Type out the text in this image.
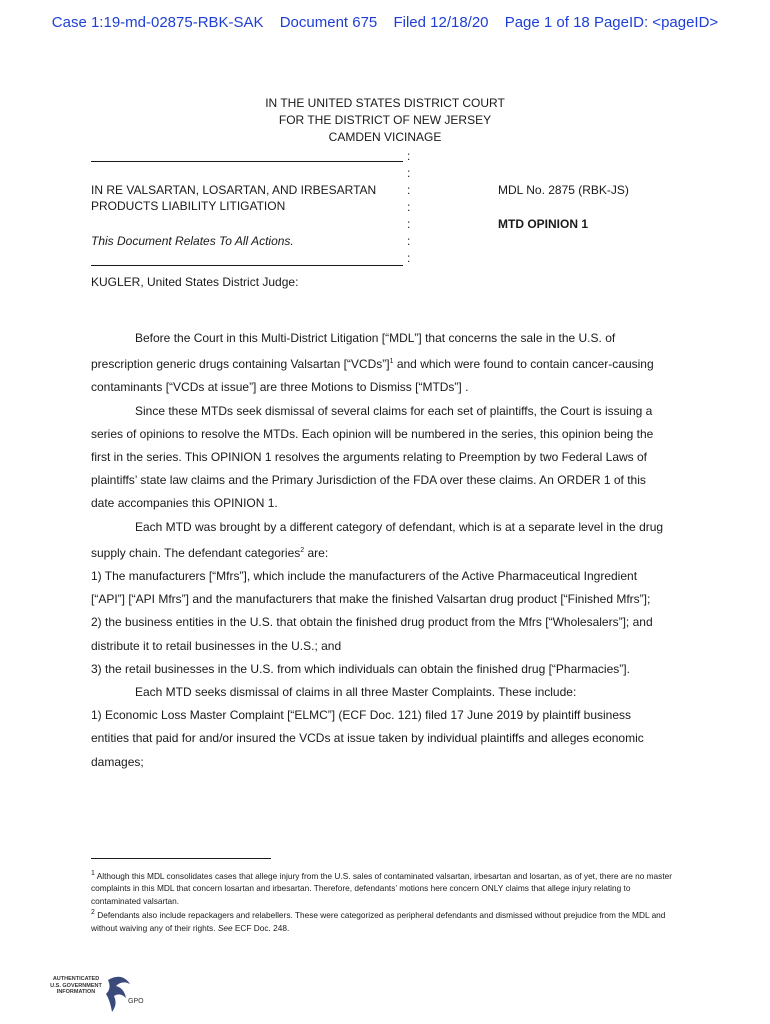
Case 1:19-md-02875-RBK-SAK Document 675 Filed 12/18/20 Page 1 of 18 PageID: <pageID>
IN THE UNITED STATES DISTRICT COURT
FOR THE DISTRICT OF NEW JERSEY
CAMDEN VICINAGE
:
:
:
:
:
:
:
IN RE VALSARTAN, LOSARTAN, AND IRBESARTAN
PRODUCTS LIABILITY LITIGATION
This Document Relates To All Actions.
MDL No. 2875 (RBK-JS)
MTD OPINION 1
KUGLER, United States District Judge:

Before the Court in this Multi-District Litigation [“MDL”] that concerns the sale in the U.S. of prescription generic drugs containing Valsartan [“VCDs”]$^1$ and which were found to contain cancer-causing contaminants [“VCDs at issue”] are three Motions to Dismiss [“MTDs”] .

Since these MTDs seek dismissal of several claims for each set of plaintiffs, the Court is issuing a series of opinions to resolve the MTDs. Each opinion will be numbered in the series, this opinion being the first in the series. This OPINION 1 resolves the arguments relating to Preemption by two Federal Laws of plaintiffs’ state law claims and the Primary Jurisdiction of the FDA over these claims. An ORDER 1 of this date accompanies this OPINION 1.

Each MTD was brought by a different category of defendant, which is at a separate level in the drug supply chain. The defendant categories$^2$ are:

1) The manufacturers [“Mfrs”], which include the manufacturers of the Active Pharmaceutical Ingredient [“API”] [“API Mfrs”] and the manufacturers that make the finished Valsartan drug product [“Finished Mfrs”];

2) the business entities in the U.S. that obtain the finished drug product from the Mfrs [“Wholesalers”]; and distribute it to retail businesses in the U.S.; and

3) the retail businesses in the U.S. from which individuals can obtain the finished drug [“Pharmacies”].

Each MTD seeks dismissal of claims in all three Master Complaints. These include:

1) Economic Loss Master Complaint [“ELMC”] (ECF Doc. 121) filed 17 June 2019 by plaintiff business entities that paid for and/or insured the VCDs at issue taken by individual plaintiffs and alleges economic damages;

$^1$ Although this MDL consolidates cases that allege injury from the U.S. sales of contaminated valsartan, irbesartan and losartan, as of yet, there are no master complaints in this MDL that concern losartan and irbesartan. Therefore, defendants’ motions here concern ONLY claims that allege injury relating to contaminated valsartan.

$^2$ Defendants also include repackagers and relabellers. These were categorized as peripheral defendants and dismissed without prejudice from the MDL and without waiving any of their rights. See ECF Doc. 248.

AUTHENTICATED
U.S. GOVERNMENT
INFORMATION
GPO
